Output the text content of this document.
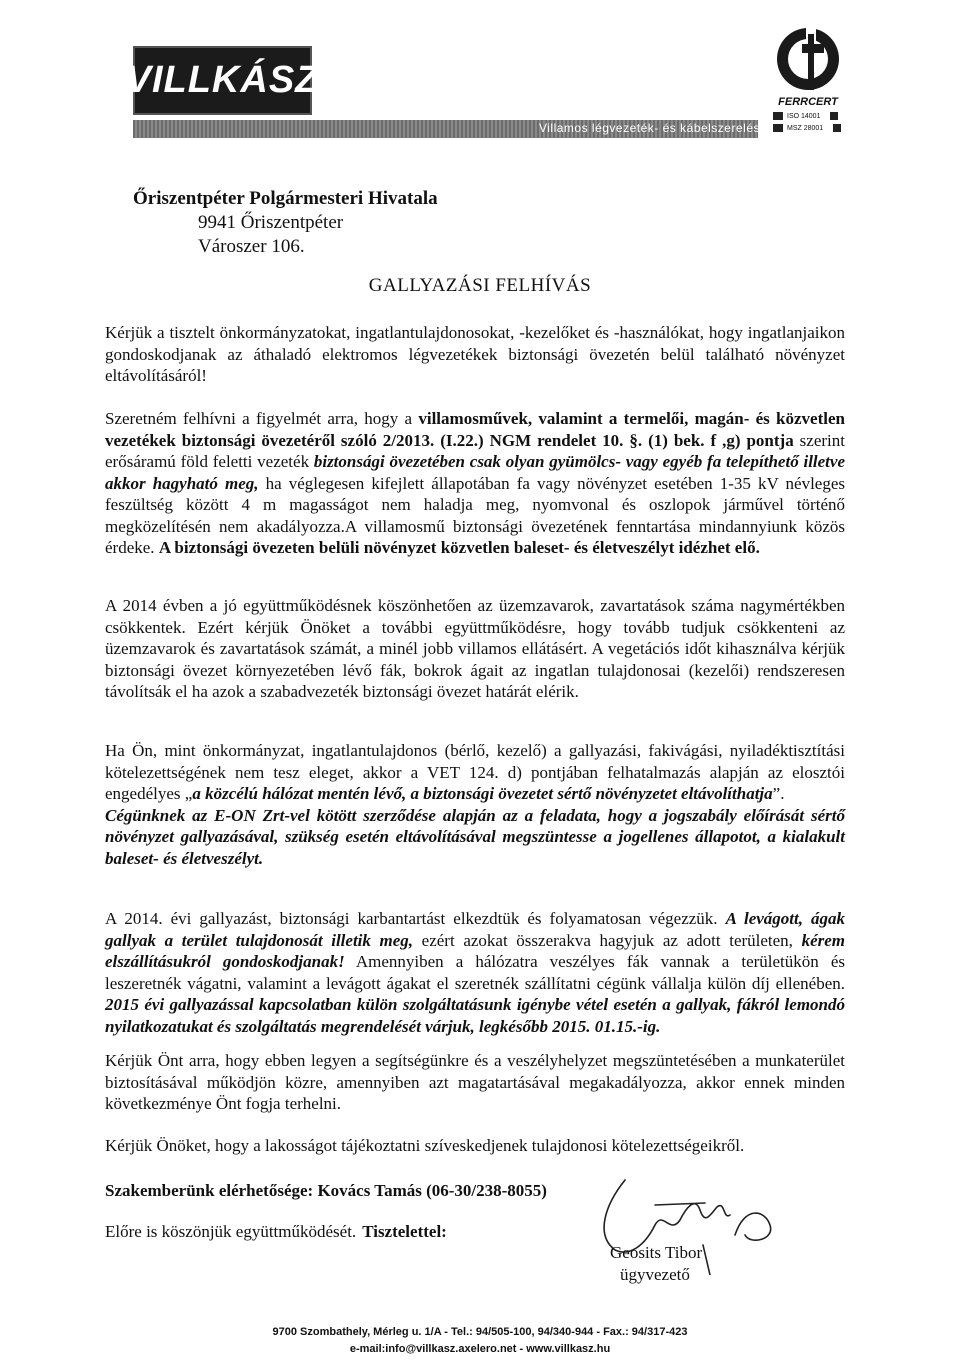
VILLKÁSZ
Villamos légvezeték- és kábelszerelés
FERRCERT
ISO 14001
MSZ 28001
Őriszentpéter Polgármesteri Hivatala
9941 Őriszentpéter
Városzer 106.
GALLYAZÁSI FELHÍVÁS

Kérjük a tisztelt önkormányzatokat, ingatlantulajdonosokat, -kezelőket és -használókat, hogy ingatlanjaikon gondoskodjanak az áthaladó elektromos légvezetékek biztonsági övezetén belül található növényzet eltávolításáról!

Szeretném felhívni a figyelmét arra, hogy a villamosművek, valamint a termelői, magán- és közvetlen vezetékek biztonsági övezetéről szóló 2/2013. (I.22.) NGM rendelet 10. §. (1) bek. f ,g) pontja szerint erősáramú föld feletti vezeték biztonsági övezetében csak olyan gyümölcs- vagy egyéb fa telepíthető illetve akkor hagyható meg, ha véglegesen kifejlett állapotában fa vagy növényzet esetében 1-35 kV névleges feszültség között 4 m magasságot nem haladja meg, nyomvonal és oszlopok járművel történő megközelítésén nem akadályozza.A villamosmű biztonsági övezetének fenntartása mindannyiunk közös érdeke. A biztonsági övezeten belüli növényzet közvetlen baleset- és életveszélyt idézhet elő.

A 2014 évben a jó együttműködésnek köszönhetően az üzemzavarok, zavartatások száma nagymértékben csökkentek. Ezért kérjük Önöket a további együttműködésre, hogy tovább tudjuk csökkenteni az üzemzavarok és zavartatások számát, a minél jobb villamos ellátásért. A vegetációs időt kihasználva kérjük biztonsági övezet környezetében lévő fák, bokrok ágait az ingatlan tulajdonosai (kezelői) rendszeresen távolítsák el ha azok a szabadvezeték biztonsági övezet határát elérik.

Ha Ön, mint önkormányzat, ingatlantulajdonos (bérlő, kezelő) a gallyazási, fakivágási, nyiladéktisztítási kötelezettségének nem tesz eleget, akkor a VET 124. d) pontjában felhatalmazás alapján az elosztói engedélyes „a közcélú hálózat mentén lévő, a biztonsági övezetet sértő növényzetet eltávolíthatja”.

Cégünknek az E-ON Zrt-vel kötött szerződése alapján az a feladata, hogy a jogszabály előírását sértő növényzet gallyazásával, szükség esetén eltávolításával megszüntesse a jogellenes állapotot, a kialakult baleset- és életveszélyt.

A 2014. évi gallyazást, biztonsági karbantartást elkezdtük és folyamatosan végezzük. A levágott, ágak gallyak a terület tulajdonosát illetik meg, ezért azokat összerakva hagyjuk az adott területen, kérem elszállításukról gondoskodjanak! Amennyiben a hálózatra veszélyes fák vannak a területükön és leszeretnék vágatni, valamint a levágott ágakat el szeretnék szállítatni cégünk vállalja külön díj ellenében. 2015 évi gallyazással kapcsolatban külön szolgáltatásunk igénybe vétel esetén a gallyak, fákról lemondó nyilatkozatukat és szolgáltatás megrendelését várjuk, legkésőbb 2015. 01.15.-ig.

Kérjük Önt arra, hogy ebben legyen a segítségünkre és a veszélyhelyzet megszüntetésében a munkaterület biztosításával működjön közre, amennyiben azt magatartásával megakadályozza, akkor ennek minden következménye Önt fogja terhelni.

Kérjük Önöket, hogy a lakosságot tájékoztatni szíveskedjenek tulajdonosi kötelezettségeikről.

Szakemberünk elérhetősége: Kovács Tamás (06-30/238-8055)
Előre is köszönjük együttműködését. Tisztelettel:
Geosits Tibor
ügyvezető
9700 Szombathely, Mérleg u. 1/A - Tel.: 94/505-100, 94/340-944 - Fax.: 94/317-423
e-mail:info@villkasz.axelero.net - www.villkasz.hu
